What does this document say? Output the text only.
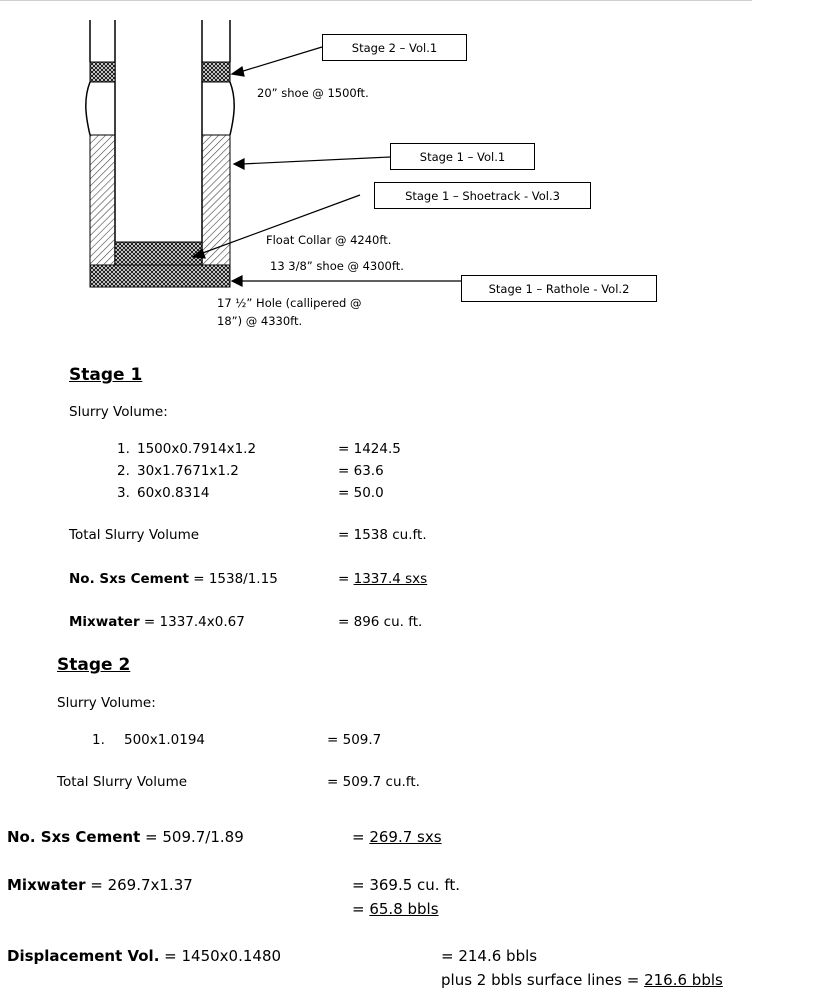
Stage 2 – Vol.1
Stage 1 – Vol.1
Stage 1 – Shoetrack - Vol.3
Stage 1 – Rathole - Vol.2
20” shoe @ 1500ft.
Float Collar @ 4240ft.
13 3/8” shoe @ 4300ft.
17 ½” Hole (callipered @
18”) @ 4330ft.
Stage 1
Slurry Volume:
1. 1500x0.7914x1.2	= 1424.5
2. 30x1.7671x1.2	= 63.6
3. 60x0.8314	= 50.0
Total Slurry Volume	= 1538 cu.ft.
No. Sxs Cement = 1538/1.15	= 1337.4 sxs
Mixwater = 1337.4x0.67	= 896 cu. ft.
Stage 2
Slurry Volume:
1. 500x1.0194	= 509.7
Total Slurry Volume	= 509.7 cu.ft.
No. Sxs Cement = 509.7/1.89	= 269.7 sxs
Mixwater = 269.7x1.37	= 369.5 cu. ft.
= 65.8 bbls
Displacement Vol. = 1450x0.1480	= 214.6 bbls
plus 2 bbls surface lines = 216.6 bbls
